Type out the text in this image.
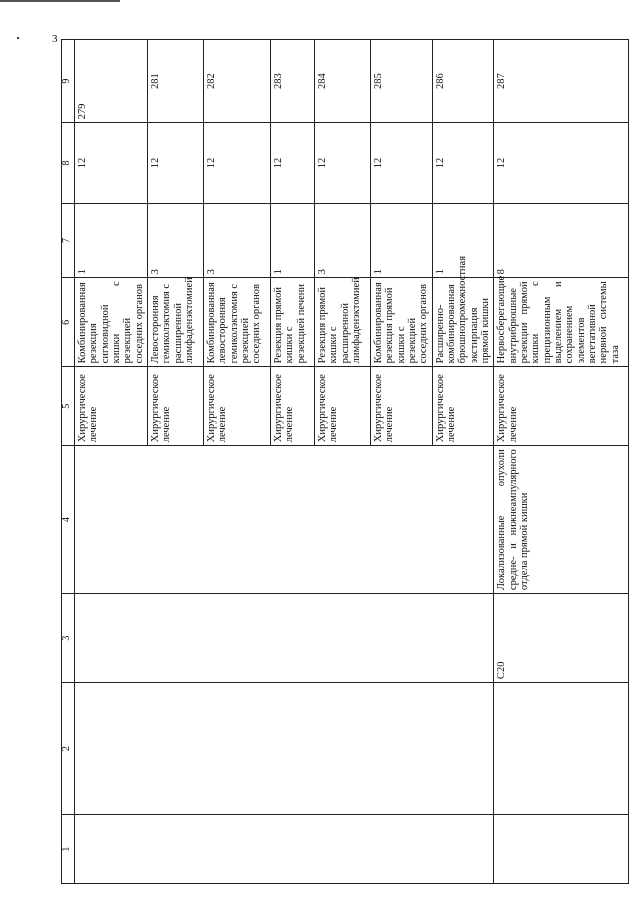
3
1	2	3	4	5	6	7	8	9
				Хирургическое лечение	Комбинированная резекция сигмовидной кишки с резекцией соседних органов	1	12	279
				Хирургическое лечение	Левосторонняя гемиколэктомия с расширенной лимфаденэктомией	3	12	281
				Хирургическое лечение	Комбинированная левосторонняя гемиколэктомия с резекцией соседних органов	3	12	282
				Хирургическое лечение	Резекция прямой кишки с резекцией печени	1	12	283
				Хирургическое лечение	Резекция прямой кишки с расширенной лимфаденэктомией	3	12	284
				Хирургическое лечение	Комбинированная резекция прямой кишки с резекцией соседних органов	1	12	285
				Хирургическое лечение	Расширенно-комбинированная брюшнопромежностная экстирпация прямой кишки	1	12	286
		C20	Локализованные опухоли средне- и нижнеампулярного отдела прямой кишки	Хирургическое лечение	Нервосберегающие внутрибрюшные резекции прямой кишки с прецизионным выделением и сохранением элементов вегетативной нервной системы таза	8	12	287
